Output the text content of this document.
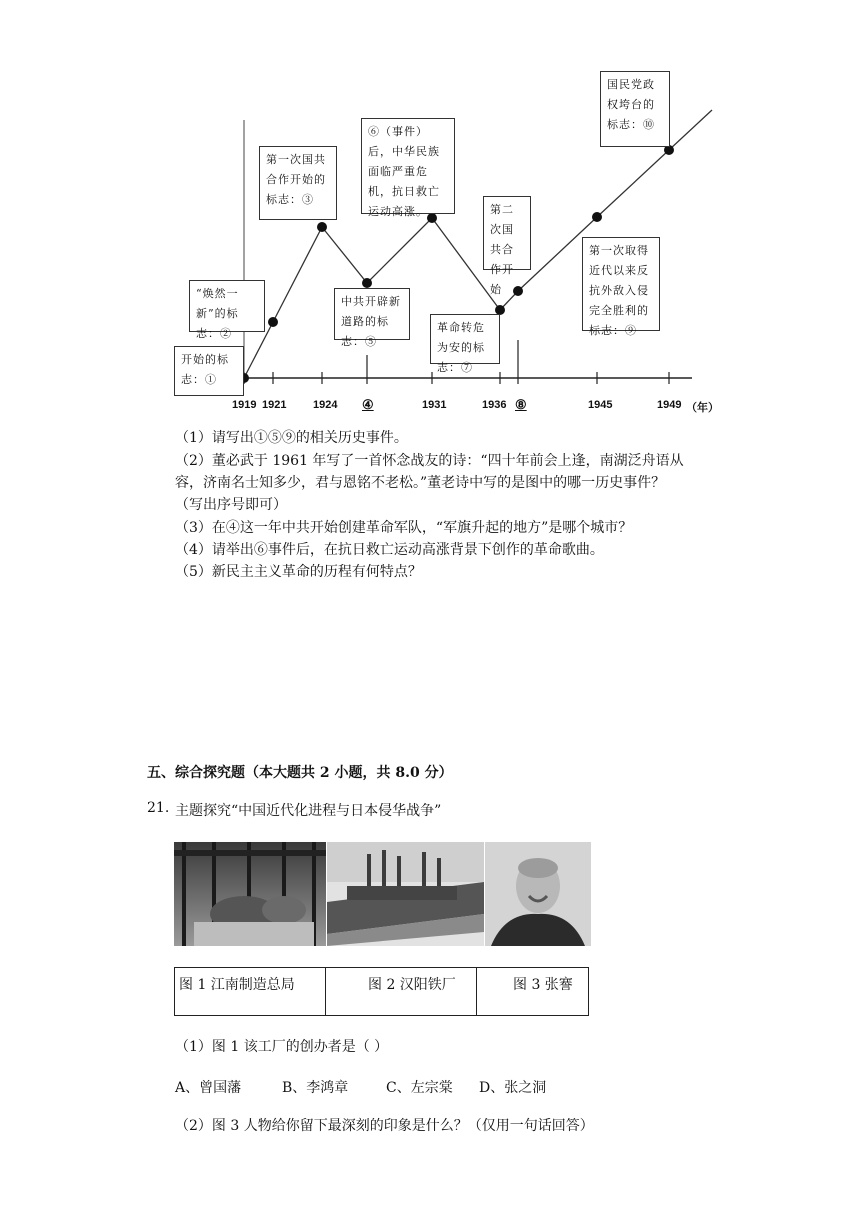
开始的标志：①
“焕然一新”的标志：②
第一次国共合作开始的标志：③
中共开辟新道路的标志：⑤
⑥（事件）后，中华民族面临严重危机，抗日救亡运动高涨。
革命转危为安的标志：⑦
第二次国共合作开始
第一次取得近代以来反抗外敌入侵完全胜利的标志：⑨
国民党政权垮台的标志：⑩
1919 1921 1924 ④	1931	1936 ⑧	1945	1949 （年）
（1）请写出①⑤⑨的相关历史事件。
（2）董必武于 1961 年写了一首怀念战友的诗：“四十年前会上逢，南湖泛舟语从
容，济南名士知多少，君与恩铭不老松。”董老诗中写的是图中的哪一历史事件？
（写出序号即可）
（3）在④这一年中共开始创建革命军队，“军旗升起的地方”是哪个城市？
（4）请举出⑥事件后，在抗日救亡运动高涨背景下创作的革命歌曲。
（5）新民主主义革命的历程有何特点？
五、综合探究题（本大题共 2 小题，共 8.0 分）
21. 主题探究“中国近代化进程与日本侵华战争”
图 1 江南制造总局	图 2 汉阳铁厂	图 3 张謇
（1）图 1 该工厂的创办者是（ ）
A、曾国藩	B、李鸿章	C、左宗棠 D、张之洞
（2）图 3 人物给你留下最深刻的印象是什么？（仅用一句话回答）
